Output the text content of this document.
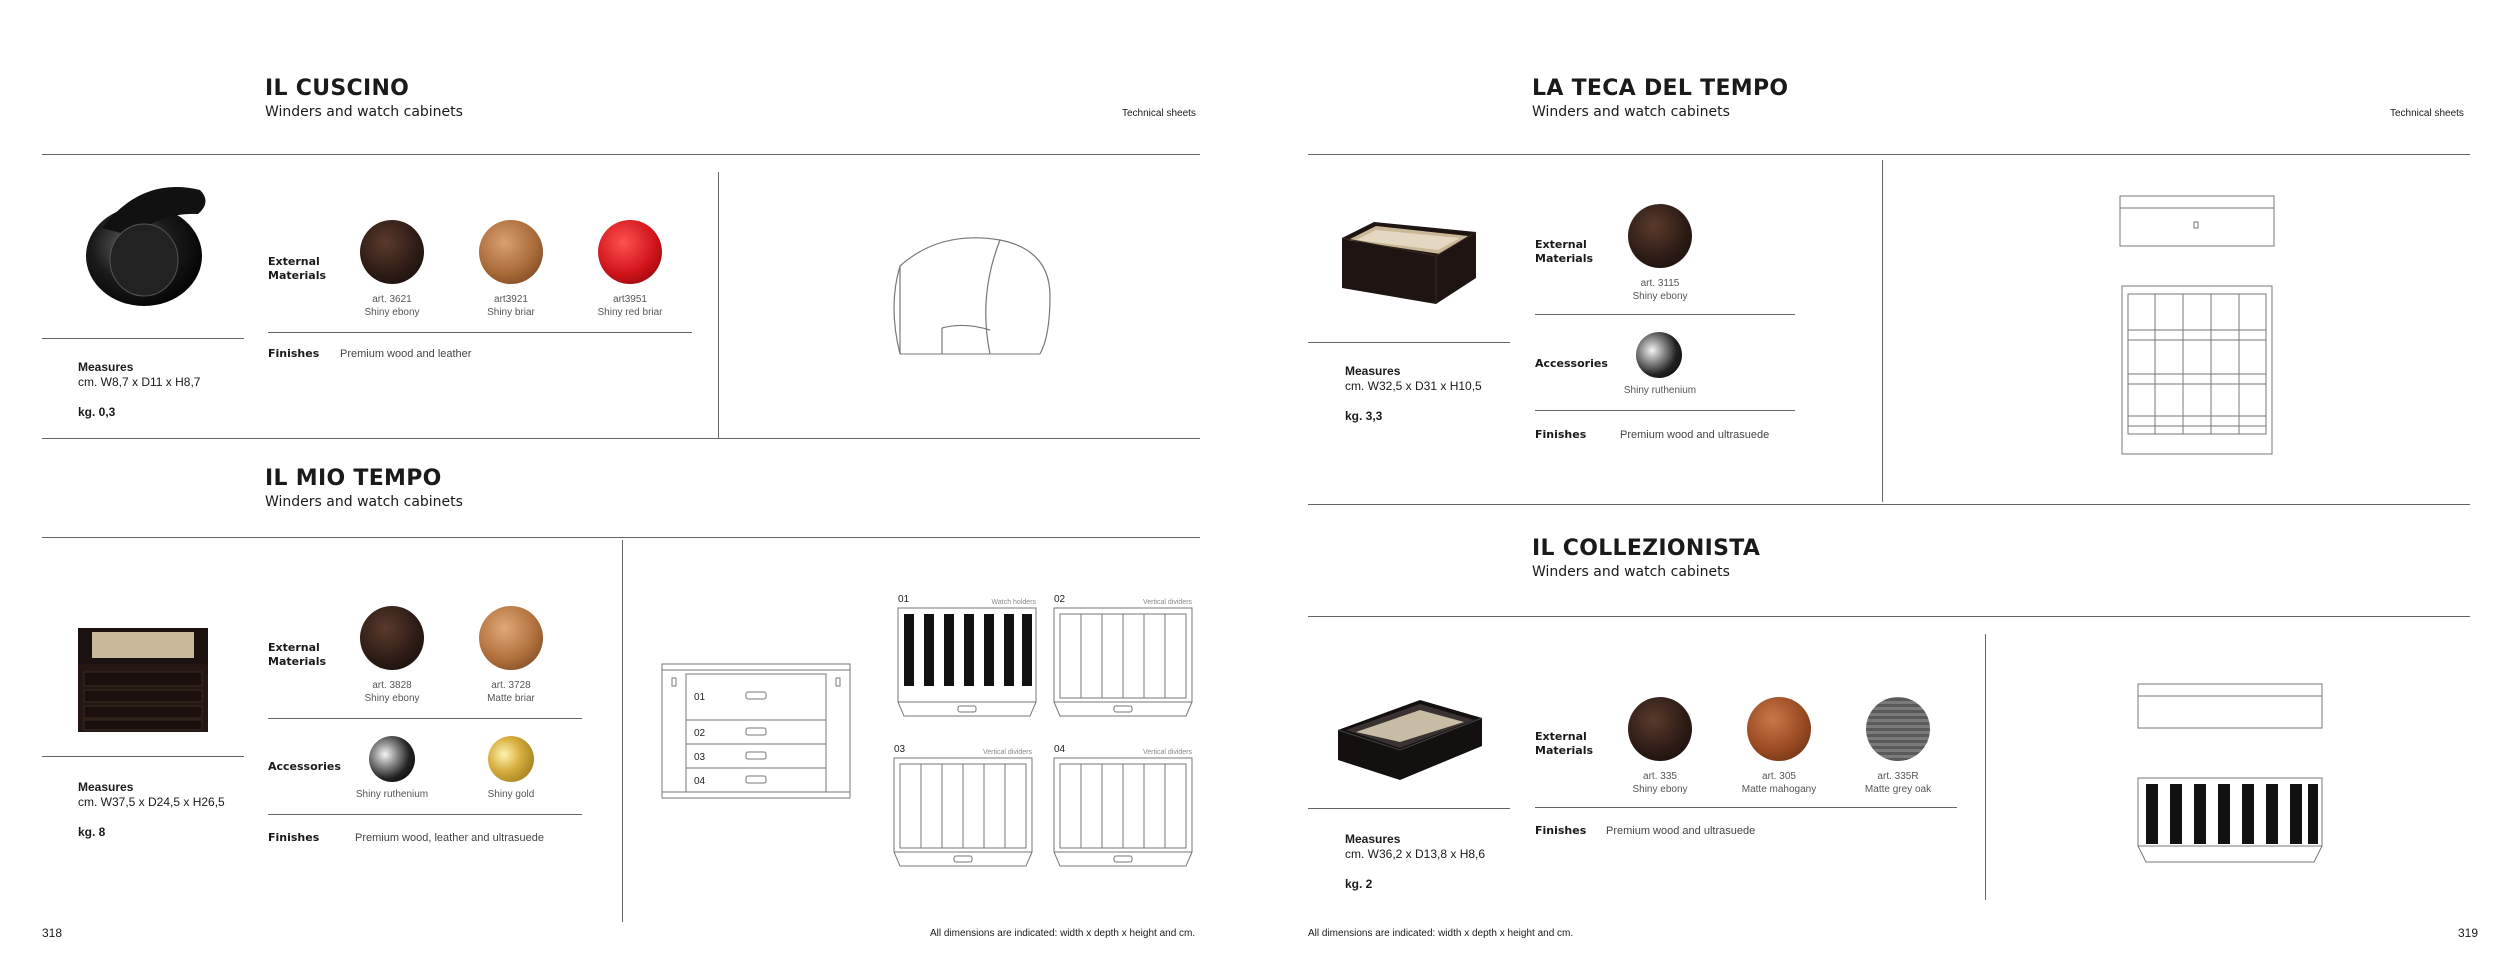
IL CUSCINO
Winders and watch cabinets	Technical sheets
Measures
cm. W8,7 x D11 x H8,7

kg. 0,3
External
Materials
art. 3621
Shiny ebony
art3921
Shiny briar
art3951
Shiny red briar
Finishes Premium wood and leather
IL MIO TEMPO
Winders and watch cabinets
Measures
cm. W37,5 x D24,5 x H26,5

kg. 8
External
Materials
art. 3828
Shiny ebony
art. 3728
Matte briar
Accessories
Shiny ruthenium	Shiny gold
Finishes	Premium wood, leather and ultrasuede
01
02
03
04
01	Watch holders 02	Vertical dividers
03	Vertical dividers 04	Vertical dividers
318	All dimensions are indicated: width x depth x height and cm.
LA TECA DEL TEMPO
Winders and watch cabinets	Technical sheets
Measures
cm. W32,5 x D31 x H10,5

kg. 3,3
External
Materials
art. 3115
Shiny ebony
Accessories
Shiny ruthenium
Finishes	Premium wood and ultrasuede
IL COLLEZIONISTA
Winders and watch cabinets
Measures
cm. W36,2 x D13,8 x H8,6

kg. 2
External
Materials
art. 335
Shiny ebony
art. 305
Matte mahogany
art. 335R
Matte grey oak
Finishes Premium wood and ultrasuede
319
All dimensions are indicated: width x depth x height and cm.
